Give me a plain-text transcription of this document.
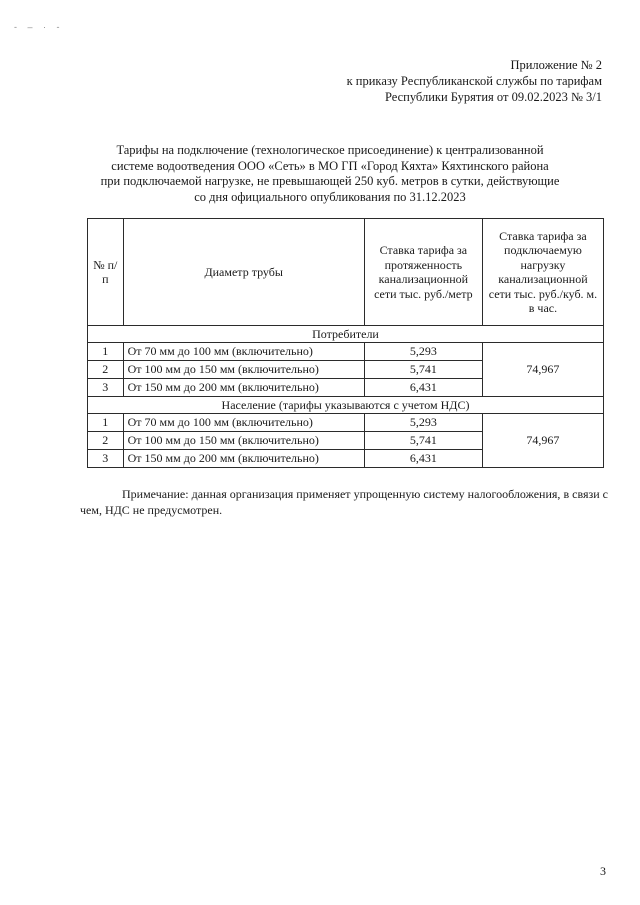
- – · -
Приложение № 2
к приказу Республиканской службы по тарифам
Республики Бурятия от 09.02.2023 № 3/1
Тарифы на подключение (технологическое присоединение) к централизованной
системе водоотведения ООО «Сеть» в МО ГП «Город Кяхта» Кяхтинского района
при подключаемой нагрузке, не превышающей 250 куб. метров в сутки, действующие
со дня официального опубликования по 31.12.2023
№ п/п	Диаметр трубы	Ставка тарифа за протяженность канализационной сети тыс. руб./метр	Ставка тарифа за подключаемую нагрузку канализационной сети тыс. руб./куб. м. в час.
Потребители			
1	От 70 мм до 100 мм (включительно)	5,293	74,967
2	От 100 мм до 150 мм (включительно)	5,741	
3	От 150 мм до 200 мм (включительно)	6,431	
Население (тарифы указываются с учетом НДС)			
1	От 70 мм до 100 мм (включительно)	5,293	74,967
2	От 100 мм до 150 мм (включительно)	5,741	
3	От 150 мм до 200 мм (включительно)	6,431	
Примечание: данная организация применяет упрощенную систему налогообложения, в связи с чем, НДС не предусмотрен.
3
